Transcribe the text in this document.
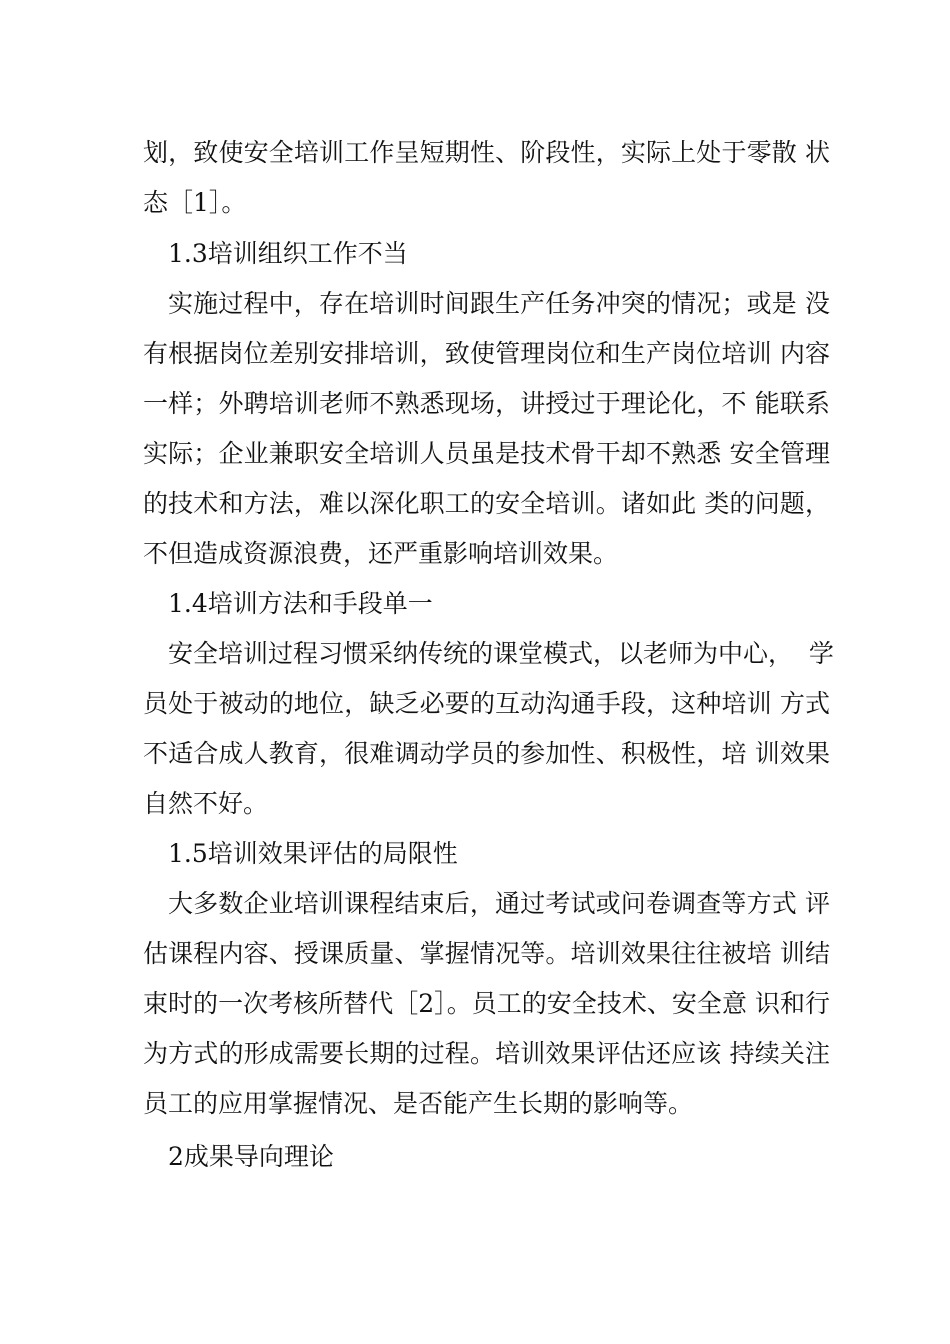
划，致使安全培训工作呈短期性、阶段性，实际上处于零散 状
态［1］。
1.3培训组织工作不当
实施过程中，存在培训时间跟生产任务冲突的情况；或是 没
有根据岗位差别安排培训，致使管理岗位和生产岗位培训 内容
一样；外聘培训老师不熟悉现场，讲授过于理论化，不 能联系
实际；企业兼职安全培训人员虽是技术骨干却不熟悉 安全管理
的技术和方法，难以深化职工的安全培训。诸如此 类的问题，
不但造成资源浪费，还严重影响培训效果。
1.4培训方法和手段单一
安全培训过程习惯采纳传统的课堂模式，以老师为中心，  学
员处于被动的地位，缺乏必要的互动沟通手段，这种培训 方式
不适合成人教育，很难调动学员的参加性、积极性，培 训效果
自然不好。
1.5培训效果评估的局限性
大多数企业培训课程结束后，通过考试或问卷调查等方式 评
估课程内容、授课质量、掌握情况等。培训效果往往被培 训结
束时的一次考核所替代［2］。员工的安全技术、安全意 识和行
为方式的形成需要长期的过程。培训效果评估还应该 持续关注
员工的应用掌握情况、是否能产生长期的影响等。
2成果导向理论
